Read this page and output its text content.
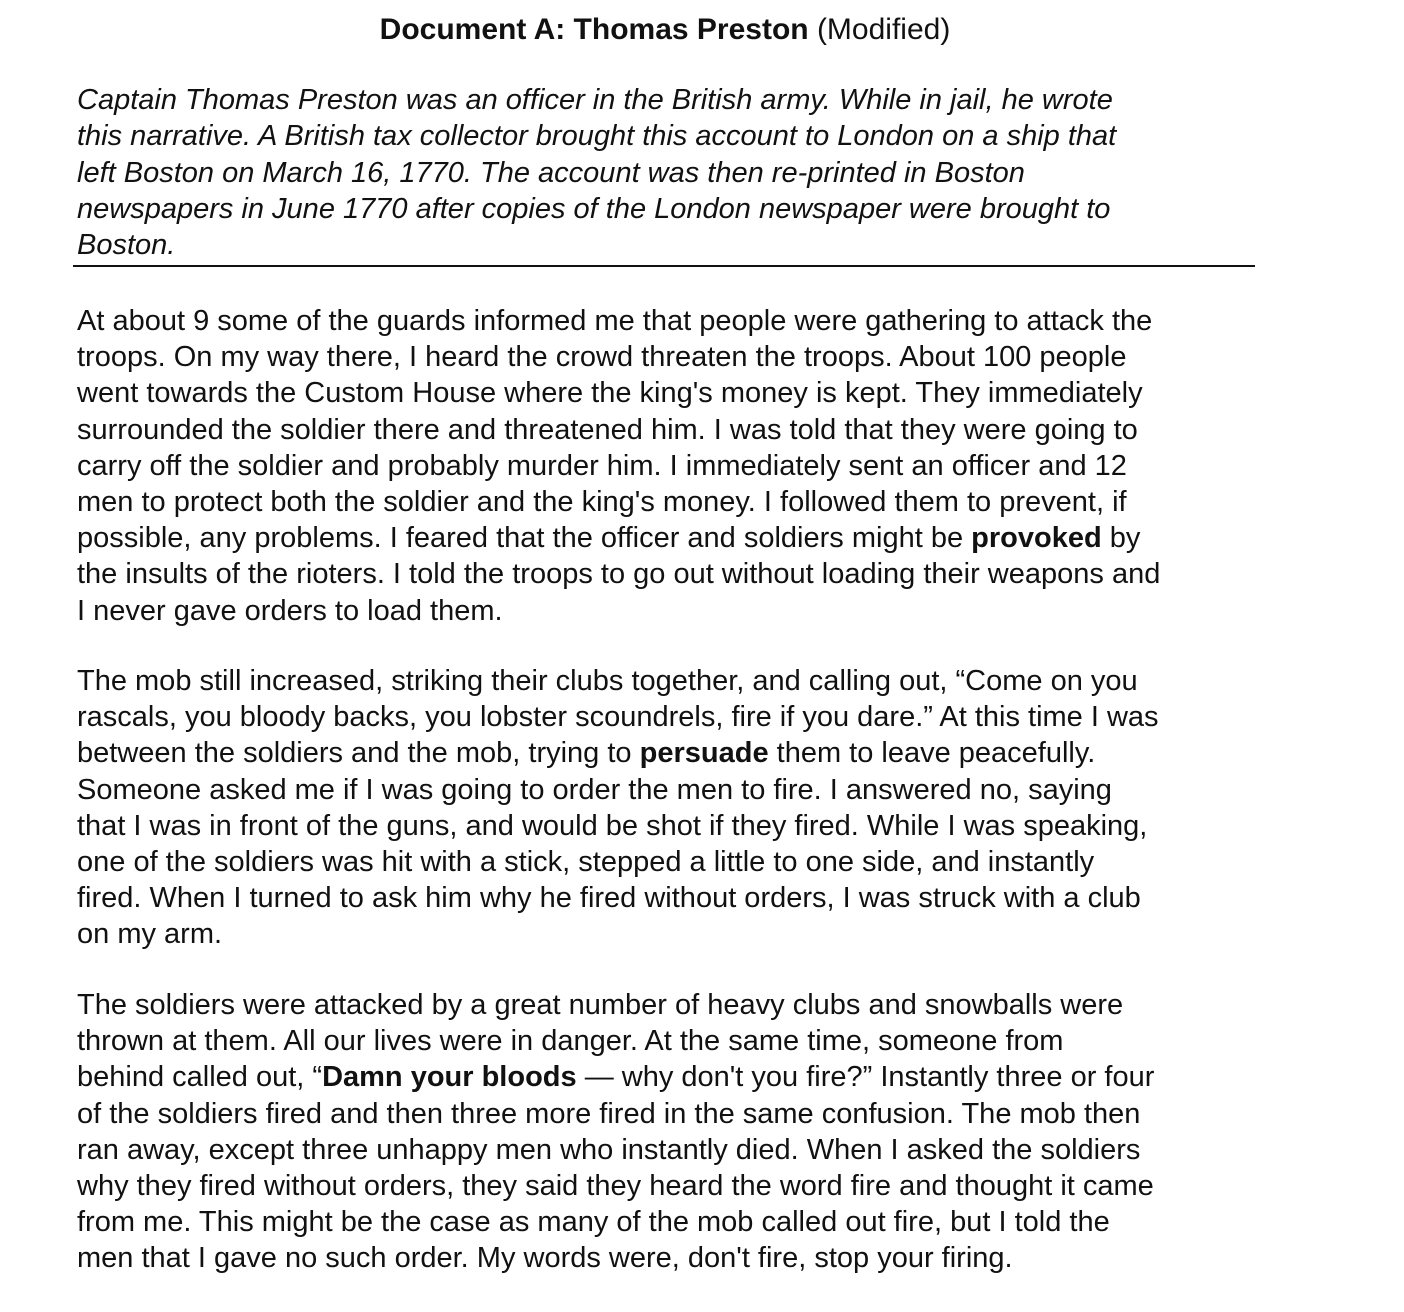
Document A: Thomas Preston (Modified)
Captain Thomas Preston was an officer in the British army. While in jail, he wrote
this narrative. A British tax collector brought this account to London on a ship that
left Boston on March 16, 1770. The account was then re-printed in Boston
newspapers in June 1770 after copies of the London newspaper were brought to
Boston.
At about 9 some of the guards informed me that people were gathering to attack the
troops. On my way there, I heard the crowd threaten the troops. About 100 people
went towards the Custom House where the king's money is kept. They immediately
surrounded the soldier there and threatened him. I was told that they were going to
carry off the soldier and probably murder him. I immediately sent an officer and 12
men to protect both the soldier and the king's money. I followed them to prevent, if
possible, any problems. I feared that the officer and soldiers might be provoked by
the insults of the rioters. I told the troops to go out without loading their weapons and
I never gave orders to load them.
The mob still increased, striking their clubs together, and calling out, “Come on you
rascals, you bloody backs, you lobster scoundrels, fire if you dare.” At this time I was
between the soldiers and the mob, trying to persuade them to leave peacefully.
Someone asked me if I was going to order the men to fire. I answered no, saying
that I was in front of the guns, and would be shot if they fired. While I was speaking,
one of the soldiers was hit with a stick, stepped a little to one side, and instantly
fired. When I turned to ask him why he fired without orders, I was struck with a club
on my arm.
The soldiers were attacked by a great number of heavy clubs and snowballs were
thrown at them. All our lives were in danger. At the same time, someone from
behind called out, “Damn your bloods — why don't you fire?” Instantly three or four
of the soldiers fired and then three more fired in the same confusion. The mob then
ran away, except three unhappy men who instantly died. When I asked the soldiers
why they fired without orders, they said they heard the word fire and thought it came
from me. This might be the case as many of the mob called out fire, but I told the
men that I gave no such order. My words were, don't fire, stop your firing.
